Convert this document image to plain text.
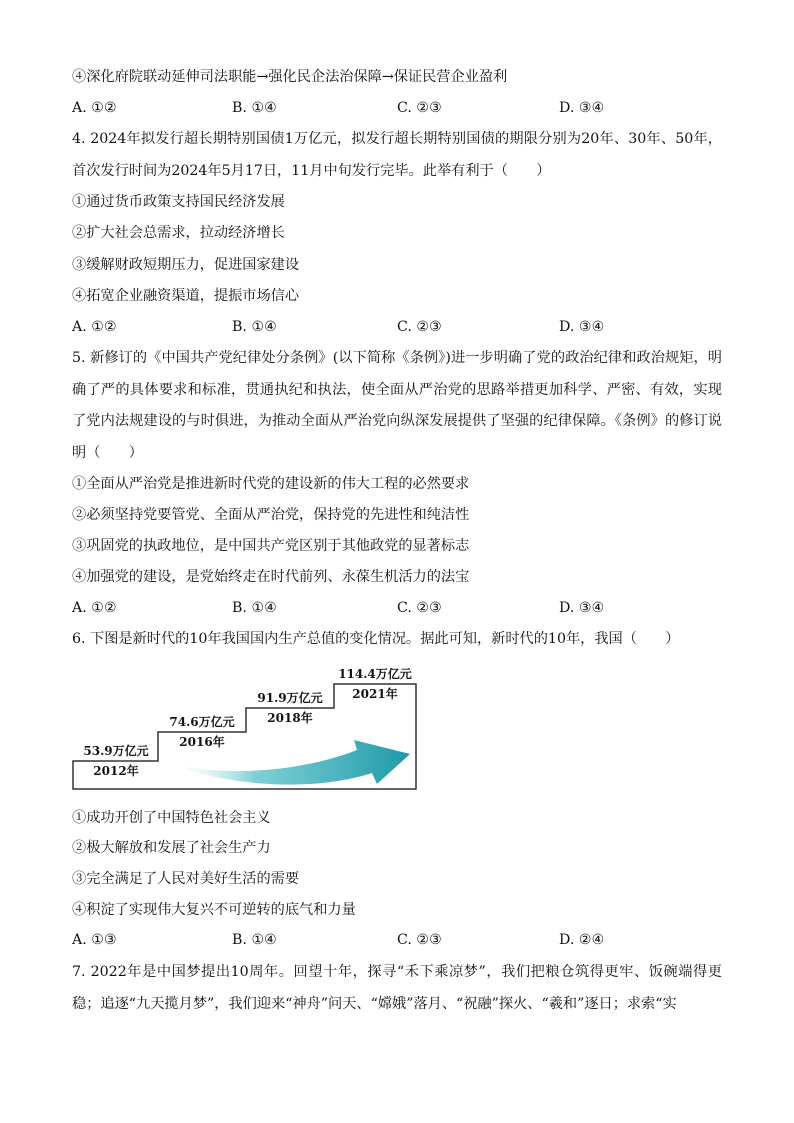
④深化府院联动延伸司法职能→强化民企法治保障→保证民营企业盈利
A. ①②	B. ①④	C. ②③	D. ③④
4. 2024年拟发行超长期特别国债1万亿元，拟发行超长期特别国债的期限分别为20年、30年、50年，首次发行时间为2024年5月17日，11月中旬发行完毕。此举有利于（　　）
①通过货币政策支持国民经济发展
②扩大社会总需求，拉动经济增长
③缓解财政短期压力，促进国家建设
④拓宽企业融资渠道，提振市场信心
A. ①②	B. ①④	C. ②③	D. ③④
5. 新修订的《中国共产党纪律处分条例》(以下简称《条例》)进一步明确了党的政治纪律和政治规矩，明确了严的具体要求和标准，贯通执纪和执法，使全面从严治党的思路举措更加科学、严密、有效，实现了党内法规建设的与时俱进，为推动全面从严治党向纵深发展提供了坚强的纪律保障。《条例》的修订说明（　　）
①全面从严治党是推进新时代党的建设新的伟大工程的必然要求
②必须坚持党要管党、全面从严治党，保持党的先进性和纯洁性
③巩固党的执政地位，是中国共产党区别于其他政党的显著标志
④加强党的建设，是党始终走在时代前列、永葆生机活力的法宝
A. ①②	B. ①④	C. ②③	D. ③④
6. 下图是新时代的10年我国国内生产总值的变化情况。据此可知，新时代的10年，我国（　　）
53.9万亿元
2012年
74.6万亿元
2016年
91.9万亿元
2018年
114.4万亿元
2021年
①成功开创了中国特色社会主义
②极大解放和发展了社会生产力
③完全满足了人民对美好生活的需要
④积淀了实现伟大复兴不可逆转的底气和力量
A. ①③	B. ①④	C. ②③	D. ②④
7. 2022年是中国梦提出10周年。回望十年，探寻“禾下乘凉梦”，我们把粮仓筑得更牢、饭碗端得更稳；追逐“九天揽月梦”，我们迎来“神舟”问天、“嫦娥”落月、“祝融”探火、“羲和”逐日；求索“实
